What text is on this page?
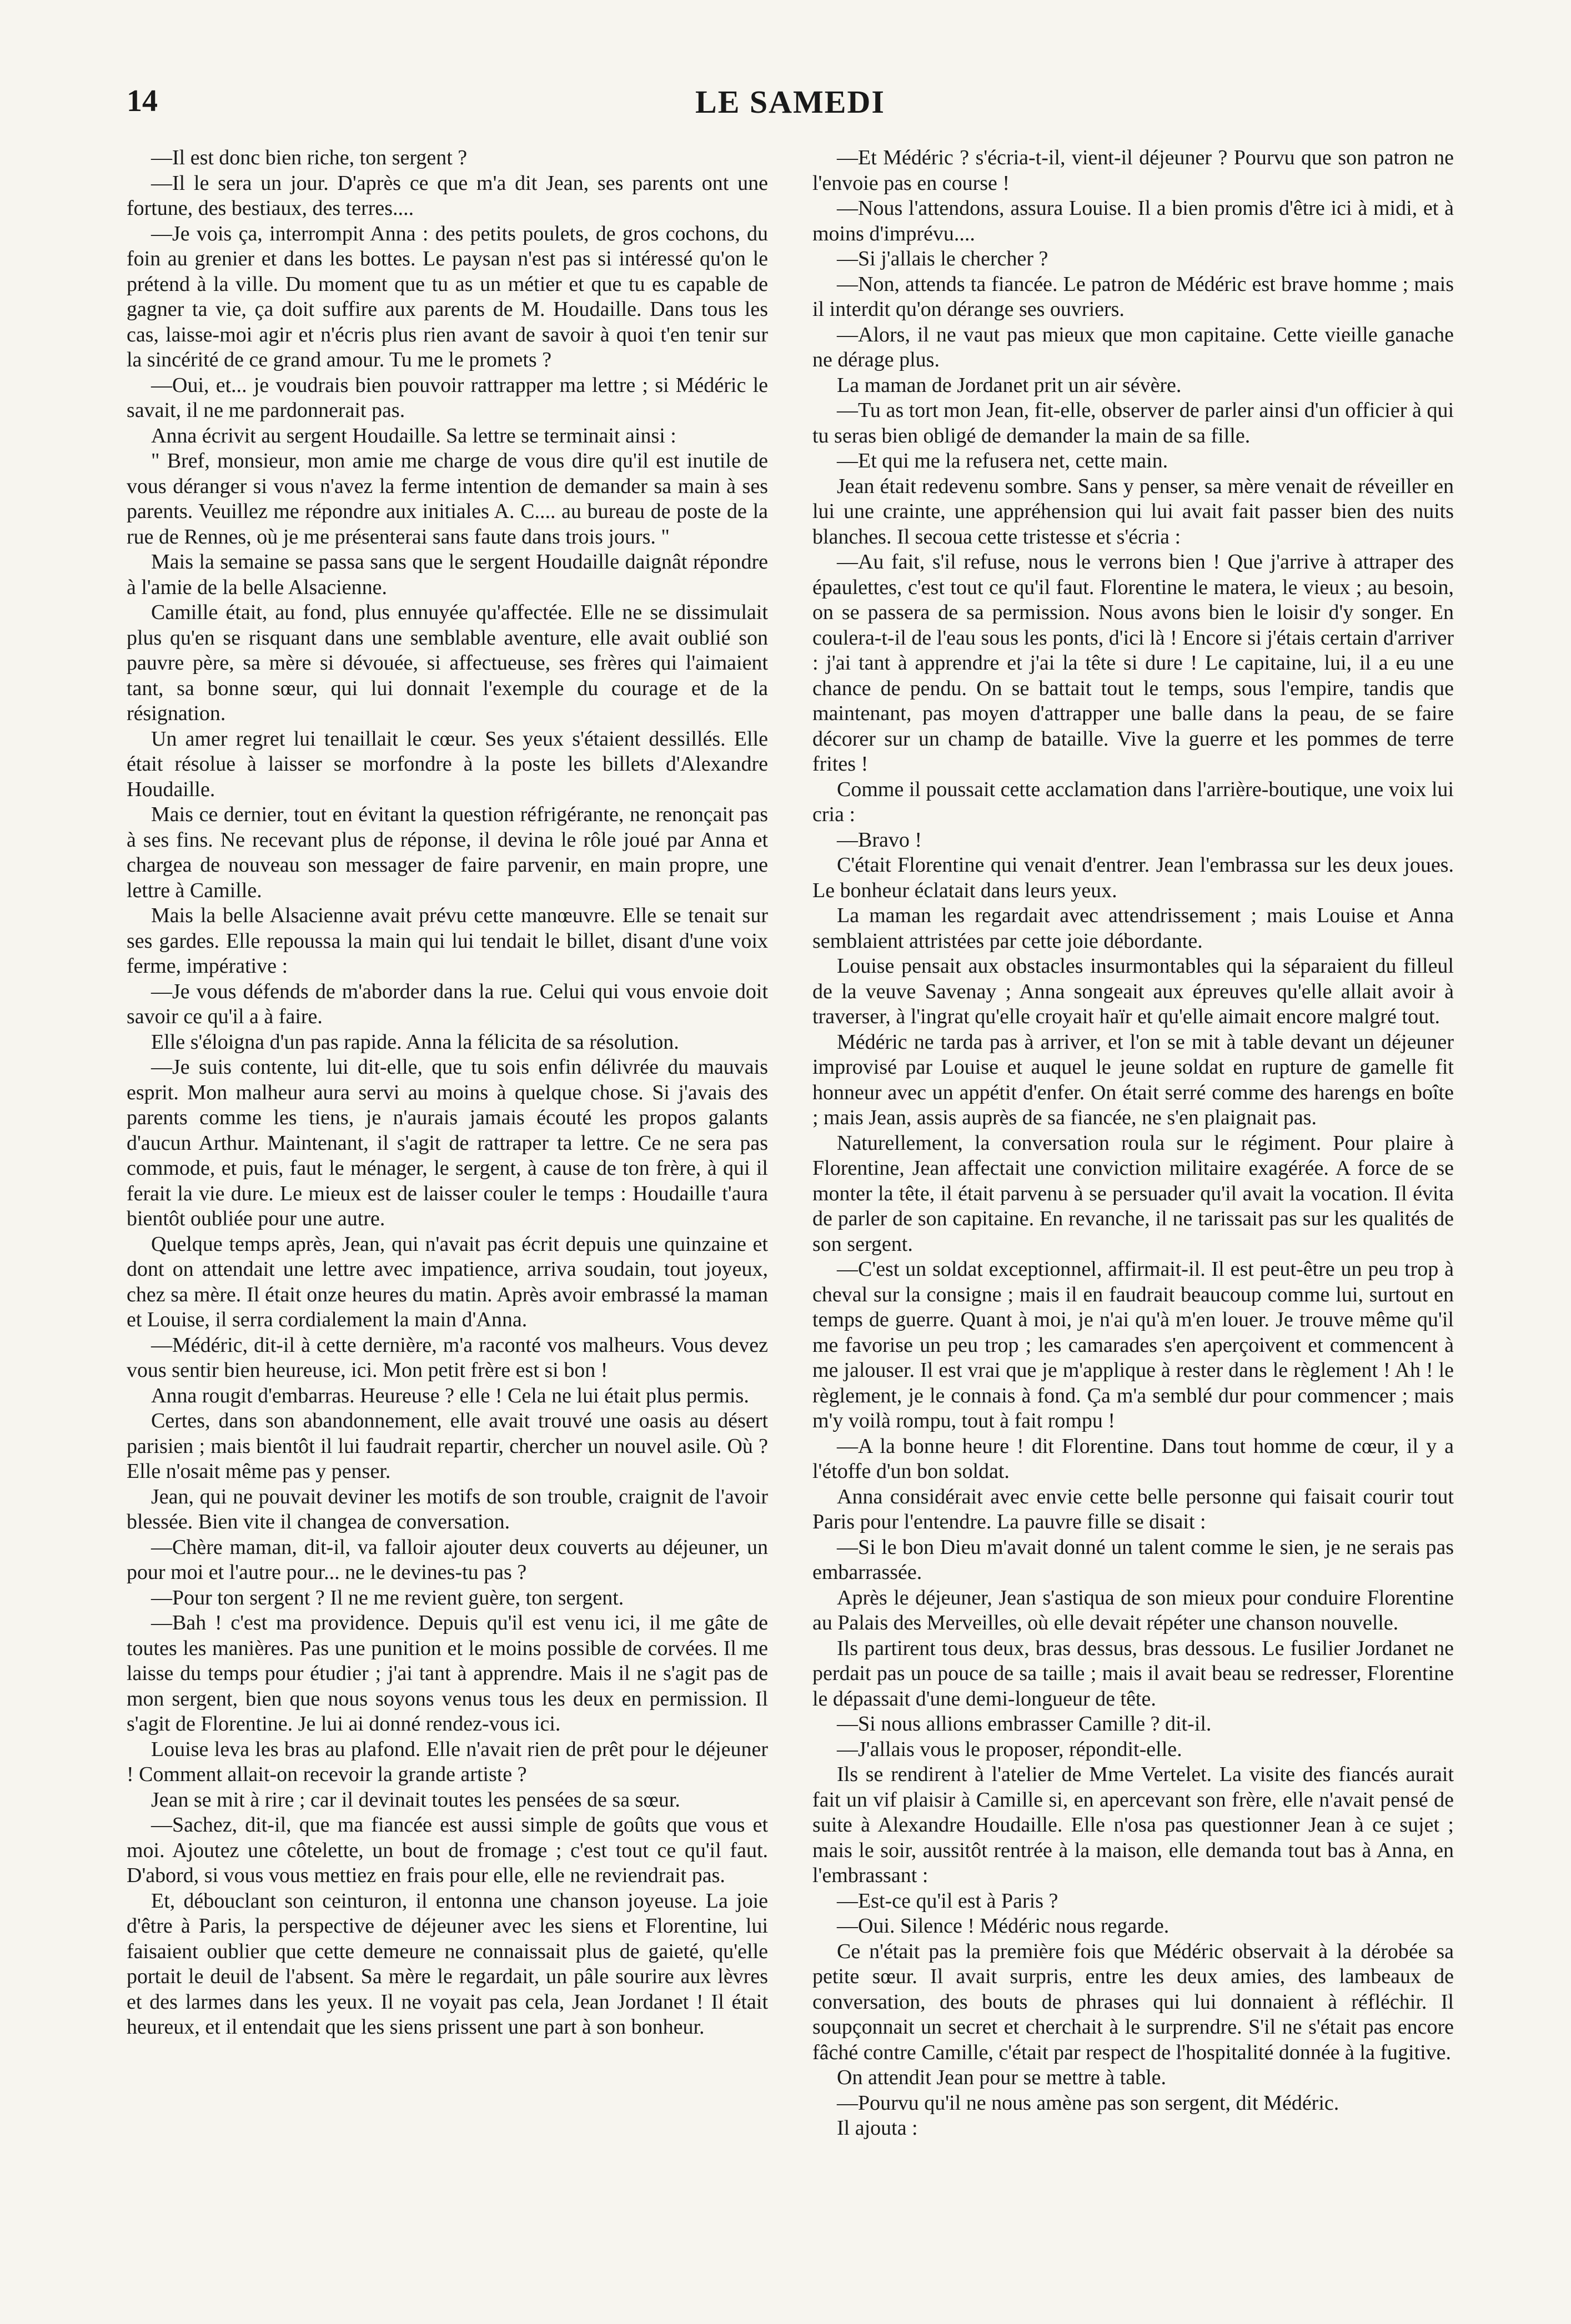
14	LE SAMEDI

—Il est donc bien riche, ton sergent ?

—Il le sera un jour. D'après ce que m'a dit Jean, ses parents ont une fortune, des bestiaux, des terres....

—Je vois ça, interrompit Anna : des petits poulets, de gros cochons, du foin au grenier et dans les bottes. Le paysan n'est pas si intéressé qu'on le prétend à la ville. Du moment que tu as un métier et que tu es capable de gagner ta vie, ça doit suffire aux parents de M. Houdaille. Dans tous les cas, laisse-moi agir et n'écris plus rien avant de savoir à quoi t'en tenir sur la sincérité de ce grand amour. Tu me le promets ?

—Oui, et... je voudrais bien pouvoir rattrapper ma lettre ; si Médéric le savait, il ne me pardonnerait pas.

Anna écrivit au sergent Houdaille. Sa lettre se terminait ainsi :

" Bref, monsieur, mon amie me charge de vous dire qu'il est inutile de vous déranger si vous n'avez la ferme intention de demander sa main à ses parents. Veuillez me répondre aux initiales A. C.... au bureau de poste de la rue de Rennes, où je me présenterai sans faute dans trois jours. "

Mais la semaine se passa sans que le sergent Houdaille daignât répondre à l'amie de la belle Alsacienne.

Camille était, au fond, plus ennuyée qu'affectée. Elle ne se dissimulait plus qu'en se risquant dans une semblable aventure, elle avait oublié son pauvre père, sa mère si dévouée, si affectueuse, ses frères qui l'aimaient tant, sa bonne sœur, qui lui donnait l'exemple du courage et de la résignation.

Un amer regret lui tenaillait le cœur. Ses yeux s'étaient dessillés. Elle était résolue à laisser se morfondre à la poste les billets d'Alexandre Houdaille.

Mais ce dernier, tout en évitant la question réfrigérante, ne renonçait pas à ses fins. Ne recevant plus de réponse, il devina le rôle joué par Anna et chargea de nouveau son messager de faire parvenir, en main propre, une lettre à Camille.

Mais la belle Alsacienne avait prévu cette manœuvre. Elle se tenait sur ses gardes. Elle repoussa la main qui lui tendait le billet, disant d'une voix ferme, impérative :

—Je vous défends de m'aborder dans la rue. Celui qui vous envoie doit savoir ce qu'il a à faire.

Elle s'éloigna d'un pas rapide. Anna la félicita de sa résolution.

—Je suis contente, lui dit-elle, que tu sois enfin délivrée du mauvais esprit. Mon malheur aura servi au moins à quelque chose. Si j'avais des parents comme les tiens, je n'aurais jamais écouté les propos galants d'aucun Arthur. Maintenant, il s'agit de rattraper ta lettre. Ce ne sera pas commode, et puis, faut le ménager, le sergent, à cause de ton frère, à qui il ferait la vie dure. Le mieux est de laisser couler le temps : Houdaille t'aura bientôt oubliée pour une autre.

Quelque temps après, Jean, qui n'avait pas écrit depuis une quinzaine et dont on attendait une lettre avec impatience, arriva soudain, tout joyeux, chez sa mère. Il était onze heures du matin. Après avoir embrassé la maman et Louise, il serra cordialement la main d'Anna.

—Médéric, dit-il à cette dernière, m'a raconté vos malheurs. Vous devez vous sentir bien heureuse, ici. Mon petit frère est si bon !

Anna rougit d'embarras. Heureuse ? elle ! Cela ne lui était plus permis.

Certes, dans son abandonnement, elle avait trouvé une oasis au désert parisien ; mais bientôt il lui faudrait repartir, chercher un nouvel asile. Où ? Elle n'osait même pas y penser.

Jean, qui ne pouvait deviner les motifs de son trouble, craignit de l'avoir blessée. Bien vite il changea de conversation.

—Chère maman, dit-il, va falloir ajouter deux couverts au déjeuner, un pour moi et l'autre pour... ne le devines-tu pas ?

—Pour ton sergent ? Il ne me revient guère, ton sergent.

—Bah ! c'est ma providence. Depuis qu'il est venu ici, il me gâte de toutes les manières. Pas une punition et le moins possible de corvées. Il me laisse du temps pour étudier ; j'ai tant à apprendre. Mais il ne s'agit pas de mon sergent, bien que nous soyons venus tous les deux en permission. Il s'agit de Florentine. Je lui ai donné rendez-vous ici.

Louise leva les bras au plafond. Elle n'avait rien de prêt pour le déjeuner ! Comment allait-on recevoir la grande artiste ?

Jean se mit à rire ; car il devinait toutes les pensées de sa sœur.

—Sachez, dit-il, que ma fiancée est aussi simple de goûts que vous et moi. Ajoutez une côtelette, un bout de fromage ; c'est tout ce qu'il faut. D'abord, si vous vous mettiez en frais pour elle, elle ne reviendrait pas.

Et, débouclant son ceinturon, il entonna une chanson joyeuse. La joie d'être à Paris, la perspective de déjeuner avec les siens et Florentine, lui faisaient oublier que cette demeure ne connaissait plus de gaieté, qu'elle portait le deuil de l'absent. Sa mère le regardait, un pâle sourire aux lèvres et des larmes dans les yeux. Il ne voyait pas cela, Jean Jordanet ! Il était heureux, et il entendait que les siens prissent une part à son bonheur.

—Et Médéric ? s'écria-t-il, vient-il déjeuner ? Pourvu que son patron ne l'envoie pas en course !

—Nous l'attendons, assura Louise. Il a bien promis d'être ici à midi, et à moins d'imprévu....

—Si j'allais le chercher ?

—Non, attends ta fiancée. Le patron de Médéric est brave homme ; mais il interdit qu'on dérange ses ouvriers.

—Alors, il ne vaut pas mieux que mon capitaine. Cette vieille ganache ne dérage plus.

La maman de Jordanet prit un air sévère.

—Tu as tort mon Jean, fit-elle, observer de parler ainsi d'un officier à qui tu seras bien obligé de demander la main de sa fille.

—Et qui me la refusera net, cette main.

Jean était redevenu sombre. Sans y penser, sa mère venait de réveiller en lui une crainte, une appréhension qui lui avait fait passer bien des nuits blanches. Il secoua cette tristesse et s'écria :

—Au fait, s'il refuse, nous le verrons bien ! Que j'arrive à attraper des épaulettes, c'est tout ce qu'il faut. Florentine le matera, le vieux ; au besoin, on se passera de sa permission. Nous avons bien le loisir d'y songer. En coulera-t-il de l'eau sous les ponts, d'ici là ! Encore si j'étais certain d'arriver : j'ai tant à apprendre et j'ai la tête si dure ! Le capitaine, lui, il a eu une chance de pendu. On se battait tout le temps, sous l'empire, tandis que maintenant, pas moyen d'attrapper une balle dans la peau, de se faire décorer sur un champ de bataille. Vive la guerre et les pommes de terre frites !

Comme il poussait cette acclamation dans l'arrière-boutique, une voix lui cria :

—Bravo !

C'était Florentine qui venait d'entrer. Jean l'embrassa sur les deux joues. Le bonheur éclatait dans leurs yeux.

La maman les regardait avec attendrissement ; mais Louise et Anna semblaient attristées par cette joie débordante.

Louise pensait aux obstacles insurmontables qui la séparaient du filleul de la veuve Savenay ; Anna songeait aux épreuves qu'elle allait avoir à traverser, à l'ingrat qu'elle croyait haïr et qu'elle aimait encore malgré tout.

Médéric ne tarda pas à arriver, et l'on se mit à table devant un déjeuner improvisé par Louise et auquel le jeune soldat en rupture de gamelle fit honneur avec un appétit d'enfer. On était serré comme des harengs en boîte ; mais Jean, assis auprès de sa fiancée, ne s'en plaignait pas.

Naturellement, la conversation roula sur le régiment. Pour plaire à Florentine, Jean affectait une conviction militaire exagérée. A force de se monter la tête, il était parvenu à se persuader qu'il avait la vocation. Il évita de parler de son capitaine. En revanche, il ne tarissait pas sur les qualités de son sergent.

—C'est un soldat exceptionnel, affirmait-il. Il est peut-être un peu trop à cheval sur la consigne ; mais il en faudrait beaucoup comme lui, surtout en temps de guerre. Quant à moi, je n'ai qu'à m'en louer. Je trouve même qu'il me favorise un peu trop ; les camarades s'en aperçoivent et commencent à me jalouser. Il est vrai que je m'applique à rester dans le règlement ! Ah ! le règlement, je le connais à fond. Ça m'a semblé dur pour commencer ; mais m'y voilà rompu, tout à fait rompu !

—A la bonne heure ! dit Florentine. Dans tout homme de cœur, il y a l'étoffe d'un bon soldat.

Anna considérait avec envie cette belle personne qui faisait courir tout Paris pour l'entendre. La pauvre fille se disait :

—Si le bon Dieu m'avait donné un talent comme le sien, je ne serais pas embarrassée.

Après le déjeuner, Jean s'astiqua de son mieux pour conduire Florentine au Palais des Merveilles, où elle devait répéter une chanson nouvelle.

Ils partirent tous deux, bras dessus, bras dessous. Le fusilier Jordanet ne perdait pas un pouce de sa taille ; mais il avait beau se redresser, Florentine le dépassait d'une demi-longueur de tête.

—Si nous allions embrasser Camille ? dit-il.

—J'allais vous le proposer, répondit-elle.

Ils se rendirent à l'atelier de Mme Vertelet. La visite des fiancés aurait fait un vif plaisir à Camille si, en apercevant son frère, elle n'avait pensé de suite à Alexandre Houdaille. Elle n'osa pas questionner Jean à ce sujet ; mais le soir, aussitôt rentrée à la maison, elle demanda tout bas à Anna, en l'embrassant :

—Est-ce qu'il est à Paris ?

—Oui. Silence ! Médéric nous regarde.

Ce n'était pas la première fois que Médéric observait à la dérobée sa petite sœur. Il avait surpris, entre les deux amies, des lambeaux de conversation, des bouts de phrases qui lui donnaient à réfléchir. Il soupçonnait un secret et cherchait à le surprendre. S'il ne s'était pas encore fâché contre Camille, c'était par respect de l'hospitalité donnée à la fugitive.

On attendit Jean pour se mettre à table.

—Pourvu qu'il ne nous amène pas son sergent, dit Médéric.

Il ajouta :
